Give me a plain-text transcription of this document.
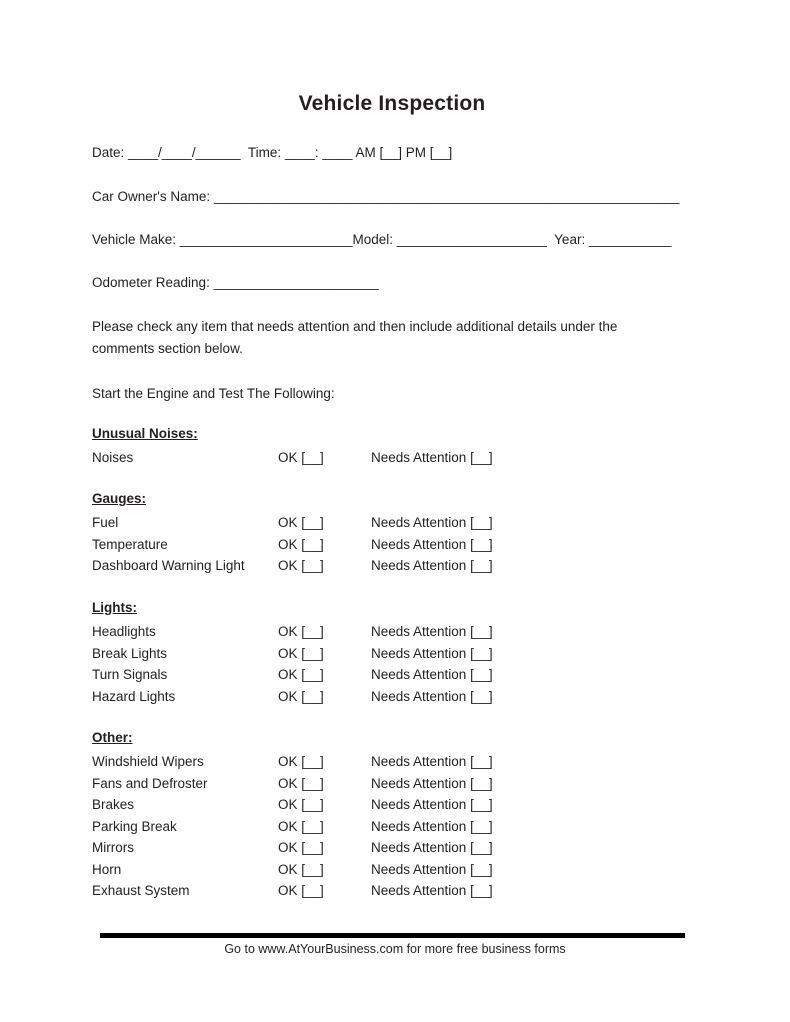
Vehicle Inspection
Date: ____/____/______  Time: ____: ____ AM [__] PM [__]
Car Owner's Name: ______________________________________________________________
Vehicle Make: _______________________Model: ____________________  Year: ___________
Odometer Reading: ______________________
Please check any item that needs attention and then include additional details under the comments section below.
Start the Engine and Test The Following:
Unusual Noises:
Noises	OK [__]	Needs Attention [__]
Gauges:
Fuel	OK [__]	Needs Attention [__]
Temperature	OK [__]	Needs Attention [__]
Dashboard Warning Light OK [__]	Needs Attention [__]
Lights:
Headlights	OK [__]	Needs Attention [__]
Break Lights	OK [__]	Needs Attention [__]
Turn Signals	OK [__]	Needs Attention [__]
Hazard Lights	OK [__]	Needs Attention [__]
Other:
Windshield Wipers	OK [__]	Needs Attention [__]
Fans and Defroster	OK [__]	Needs Attention [__]
Brakes	OK [__]	Needs Attention [__]
Parking Break	OK [__]	Needs Attention [__]
Mirrors	OK [__]	Needs Attention [__]
Horn	OK [__]	Needs Attention [__]
Exhaust System	OK [__]	Needs Attention [__]
Go to www.AtYourBusiness.com for more free business forms
